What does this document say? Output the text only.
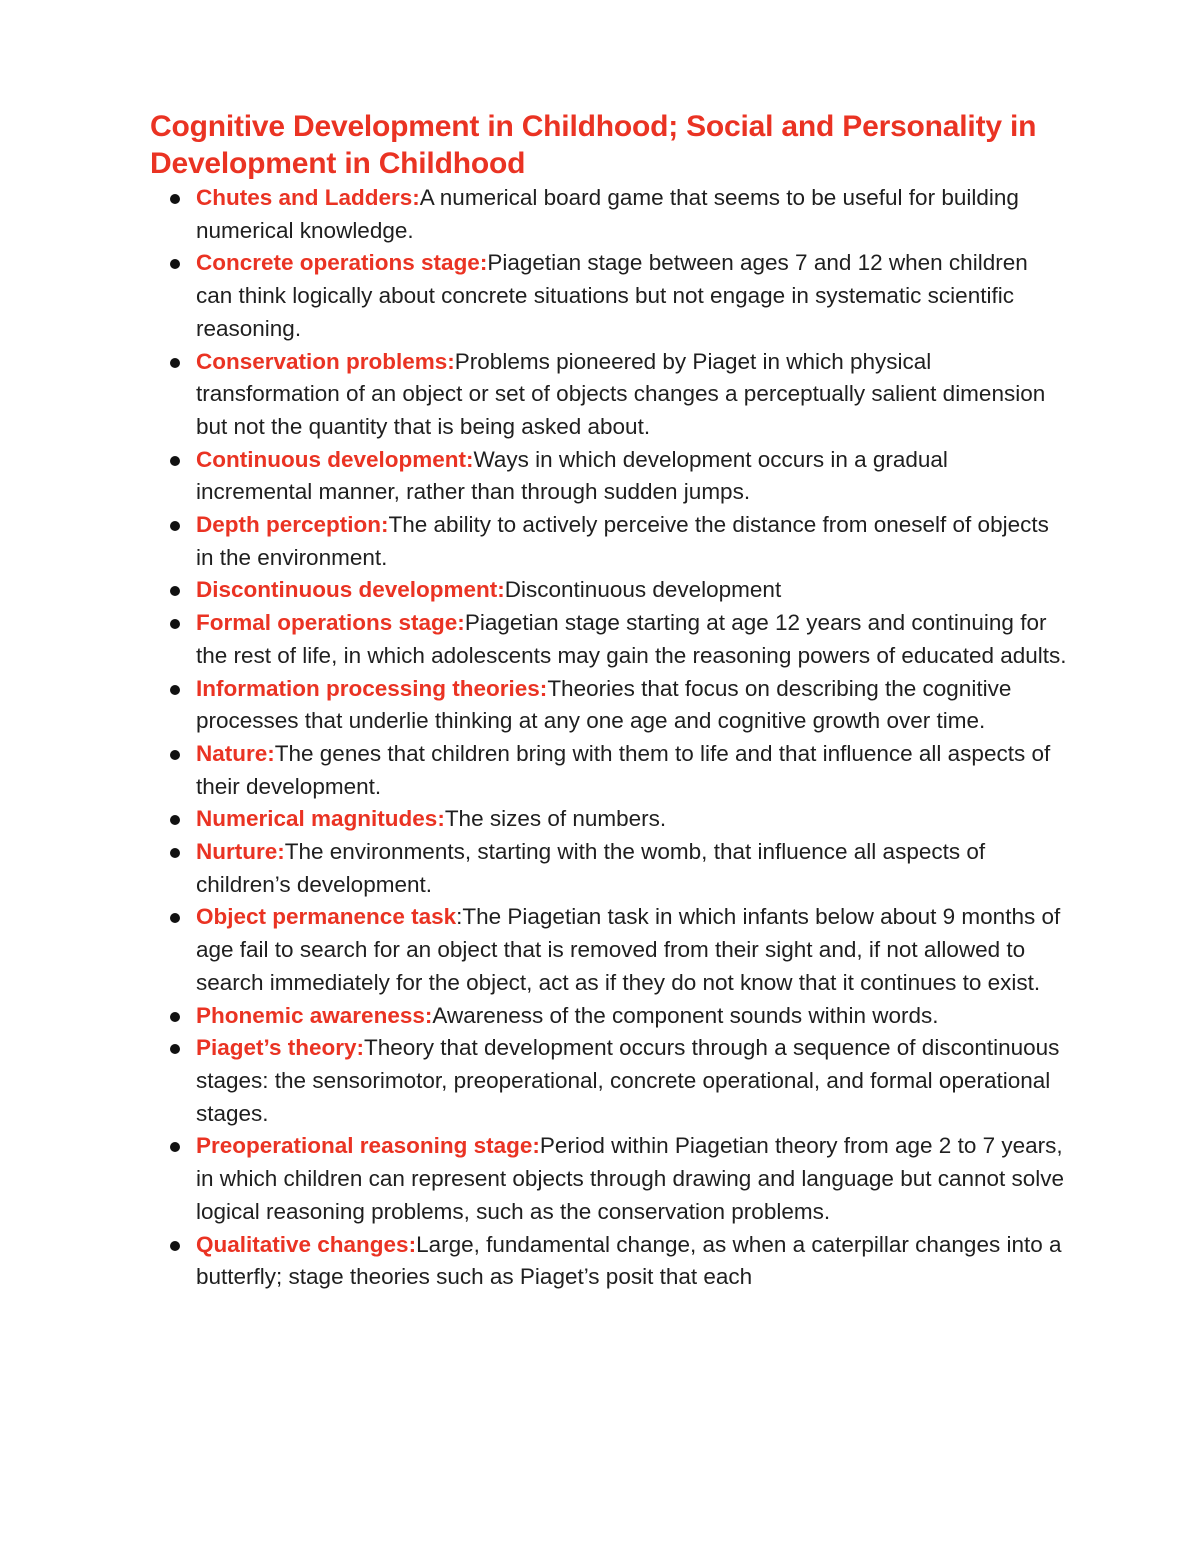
Cognitive Development in Childhood; Social and Personality in Development in Childhood
Chutes and Ladders:A numerical board game that seems to be useful for building numerical knowledge.
Concrete operations stage:Piagetian stage between ages 7 and 12 when children can think logically about concrete situations but not engage in systematic scientific reasoning.
Conservation problems:Problems pioneered by Piaget in which physical transformation of an object or set of objects changes a perceptually salient dimension but not the quantity that is being asked about.
Continuous development:Ways in which development occurs in a gradual incremental manner, rather than through sudden jumps.
Depth perception:The ability to actively perceive the distance from oneself of objects in the environment.
Discontinuous development:Discontinuous development
Formal operations stage:Piagetian stage starting at age 12 years and continuing for the rest of life, in which adolescents may gain the reasoning powers of educated adults.
Information processing theories:Theories that focus on describing the cognitive processes that underlie thinking at any one age and cognitive growth over time.
Nature:The genes that children bring with them to life and that influence all aspects of their development.
Numerical magnitudes:The sizes of numbers.
Nurture:The environments, starting with the womb, that influence all aspects of children’s development.
Object permanence task:The Piagetian task in which infants below about 9 months of age fail to search for an object that is removed from their sight and, if not allowed to search immediately for the object, act as if they do not know that it continues to exist.
Phonemic awareness:Awareness of the component sounds within words.
Piaget’s theory:Theory that development occurs through a sequence of discontinuous stages: the sensorimotor, preoperational, concrete operational, and formal operational stages.
Preoperational reasoning stage:Period within Piagetian theory from age 2 to 7 years, in which children can represent objects through drawing and language but cannot solve logical reasoning problems, such as the conservation problems.
Qualitative changes:Large, fundamental change, as when a caterpillar changes into a butterfly; stage theories such as Piaget’s posit that each
